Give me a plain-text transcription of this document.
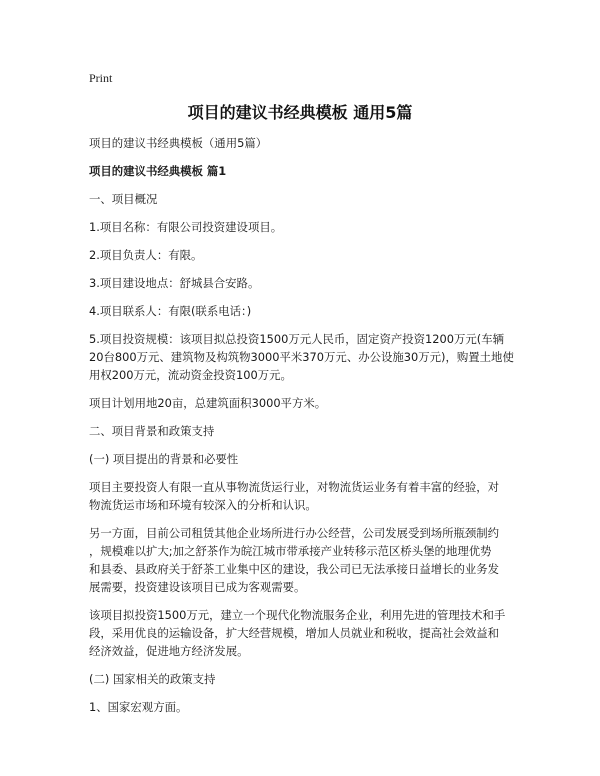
Print
项目的建议书经典模板 通用5篇

项目的建议书经典模板（通用5篇）

项目的建议书经典模板 篇1

一、项目概况

1.项目名称：有限公司投资建设项目。

2.项目负责人：有限。

3.项目建设地点：舒城县合安路。

4.项目联系人：有限(联系电话：)

5.项目投资规模：该项目拟总投资1500万元人民币，固定资产投资1200万元(车辆
20台800万元、建筑物及构筑物3000平米370万元、办公设施30万元)，购置土地使
用权200万元，流动资金投资100万元。

项目计划用地20亩，总建筑面积3000平方米。

二、项目背景和政策支持

(一) 项目提出的背景和必要性

项目主要投资人有限一直从事物流货运行业，对物流货运业务有着丰富的经验，对
物流货运市场和环境有较深入的分析和认识。

另一方面，目前公司租赁其他企业场所进行办公经营，公司发展受到场所瓶颈制约
，规模难以扩大;加之舒茶作为皖江城市带承接产业转移示范区桥头堡的地理优势
和县委、县政府关于舒茶工业集中区的建设，我公司已无法承接日益增长的业务发
展需要，投资建设该项目已成为客观需要。

该项目拟投资1500万元，建立一个现代化物流服务企业，利用先进的管理技术和手
段，采用优良的运输设备，扩大经营规模，增加人员就业和税收，提高社会效益和
经济效益，促进地方经济发展。

(二) 国家相关的政策支持

1、国家宏观方面。
